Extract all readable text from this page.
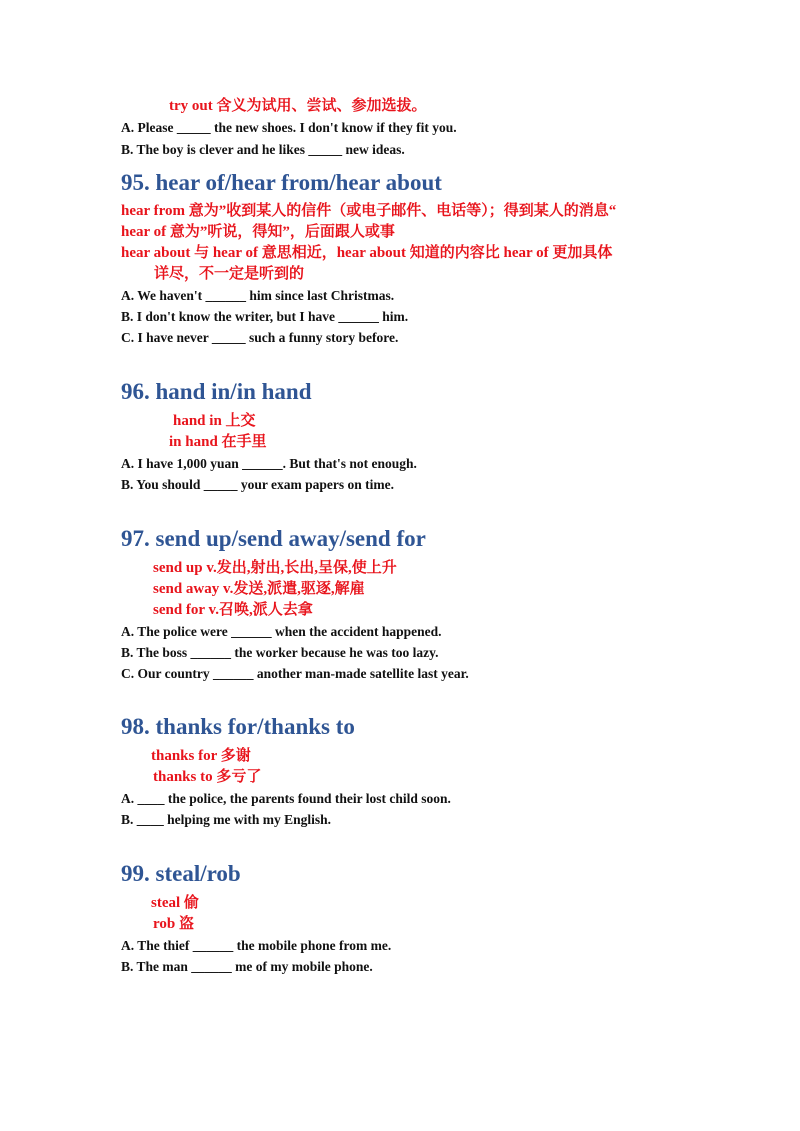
try out 含义为试用、尝试、参加选拔。
A. Please _____ the new shoes. I don't know if they fit you.
B. The boy is clever and he likes _____ new ideas.
95. hear of/hear from/hear about
hear from 意为”收到某人的信件（或电子邮件、电话等）；得到某人的消息“
hear of 意为”听说，得知”，后面跟人或事
hear about 与 hear of 意思相近，hear about 知道的内容比 hear of 更加具体
详尽，不一定是听到的
A. We haven't ______ him since last Christmas.
B. I don't know the writer, but I have ______ him.
C. I have never _____ such a funny story before.
96. hand in/in hand
hand in 上交
in hand 在手里
A. I have 1,000 yuan ______. But that's not enough.
B. You should _____ your exam papers on time.
97. send up/send away/send for
send up v.发出,射出,长出,呈保,使上升
send away v.发送,派遣,驱逐,解雇
send for v.召唤,派人去拿
A. The police were ______ when the accident happened.
B. The boss ______ the worker because he was too lazy.
C. Our country ______ another man-made satellite last year.
98. thanks for/thanks to
thanks for 多谢
thanks to 多亏了
A. ____ the police, the parents found their lost child soon.
B. ____ helping me with my English.
99. steal/rob
steal 偷
rob 盗
A. The thief ______ the mobile phone from me.
B. The man ______ me of my mobile phone.
